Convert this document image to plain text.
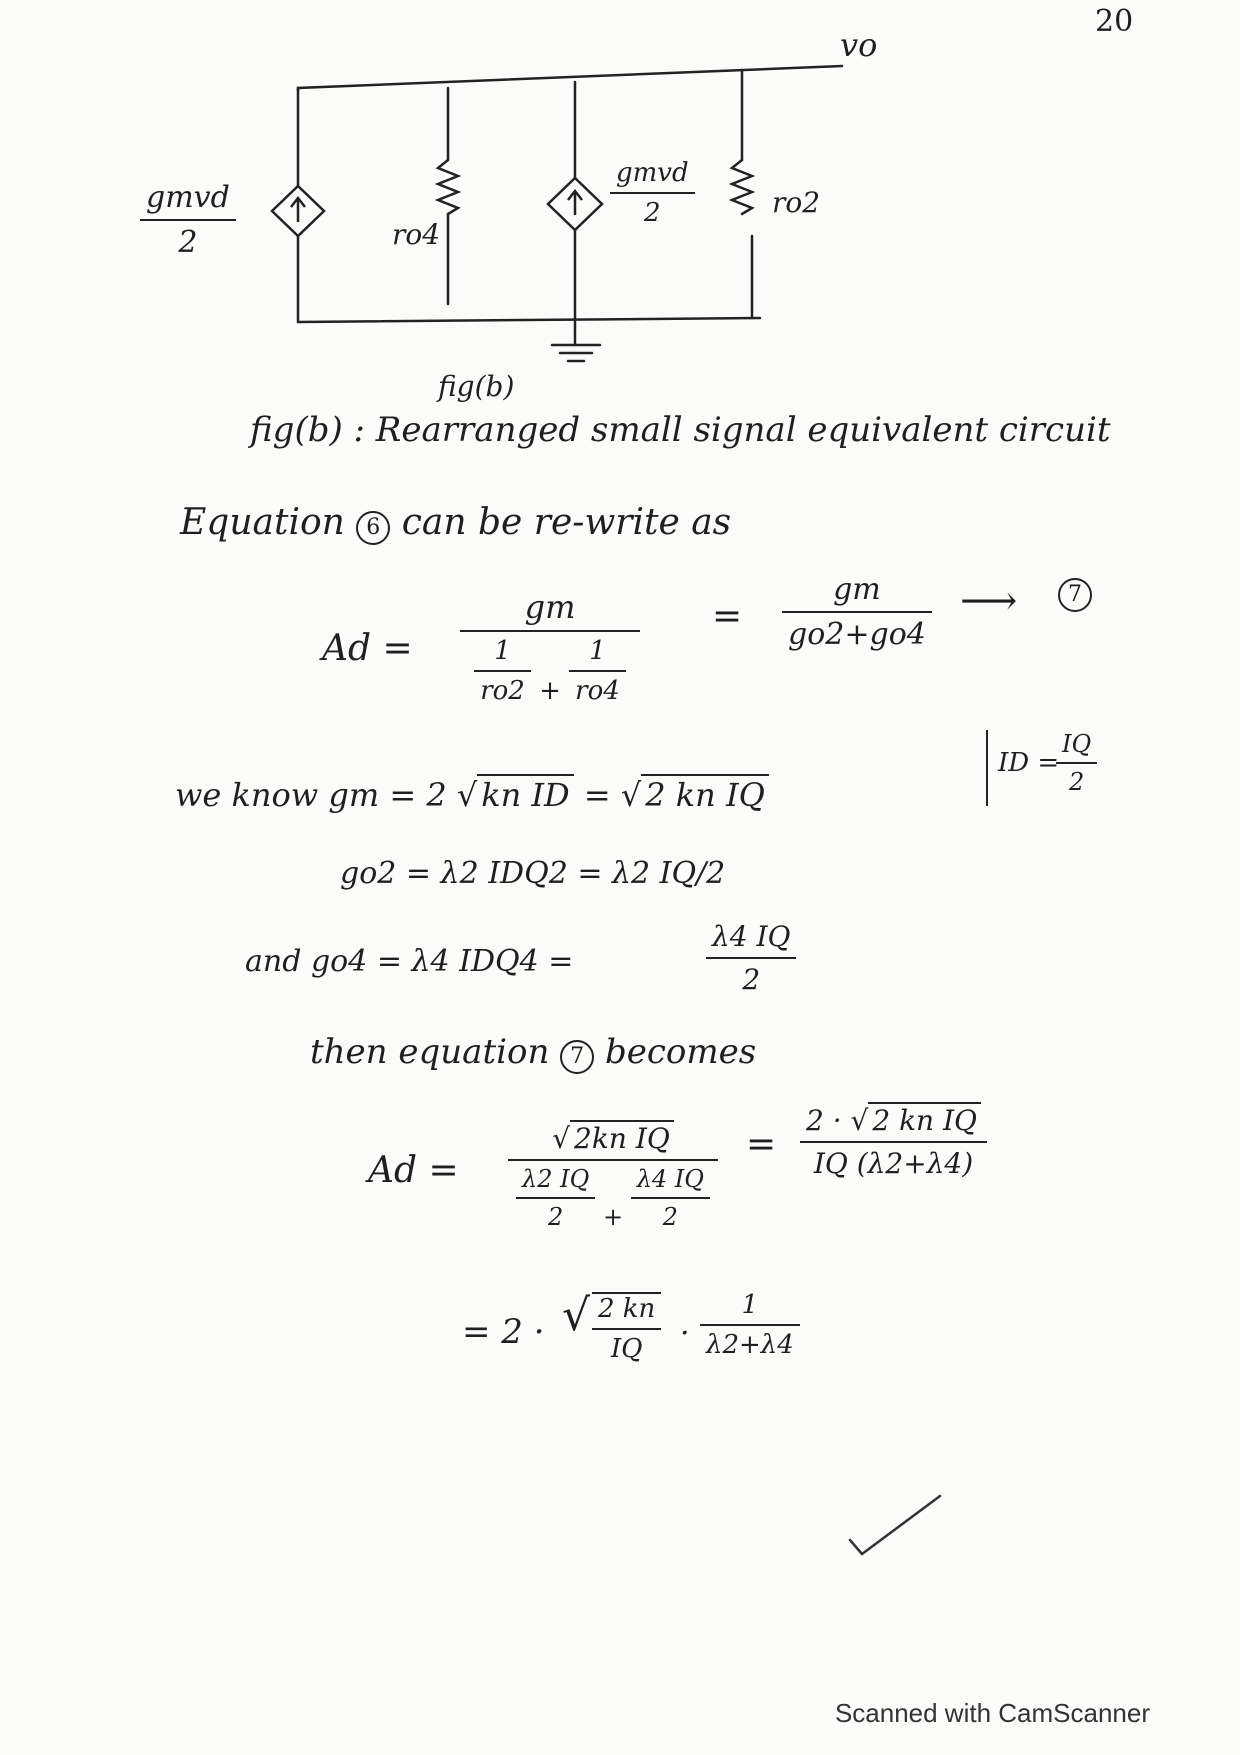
20
vo
gmvd
2
gmvd
2
ro4
ro2
fig(b)
fig(b) : Rearranged small signal equivalent circuit
Equation 6 can be re-write as
Ad =
gm
$\frac{1}{ro2} + \frac{1}{ro4}$
=
gm
go2+go4
⟶	7
we know gm = 2 √ kn ID = √ 2 kn IQ
ID =
IQ
2
go2 = λ2 IDQ2 = λ2 IQ/2
and go4 = λ4 IDQ4 =
λ4 IQ
2
then equation 7 becomes
Ad =
√ 2kn IQ
$\frac{\lambda 2 IQ}{2} + \frac{\lambda 4 IQ}{2}$
=
2 · √ 2 kn IQ
IQ (λ2+λ4)
= 2 · √ 2 kn
IQ	·
1
λ2+λ4
Scanned with CamScanner
